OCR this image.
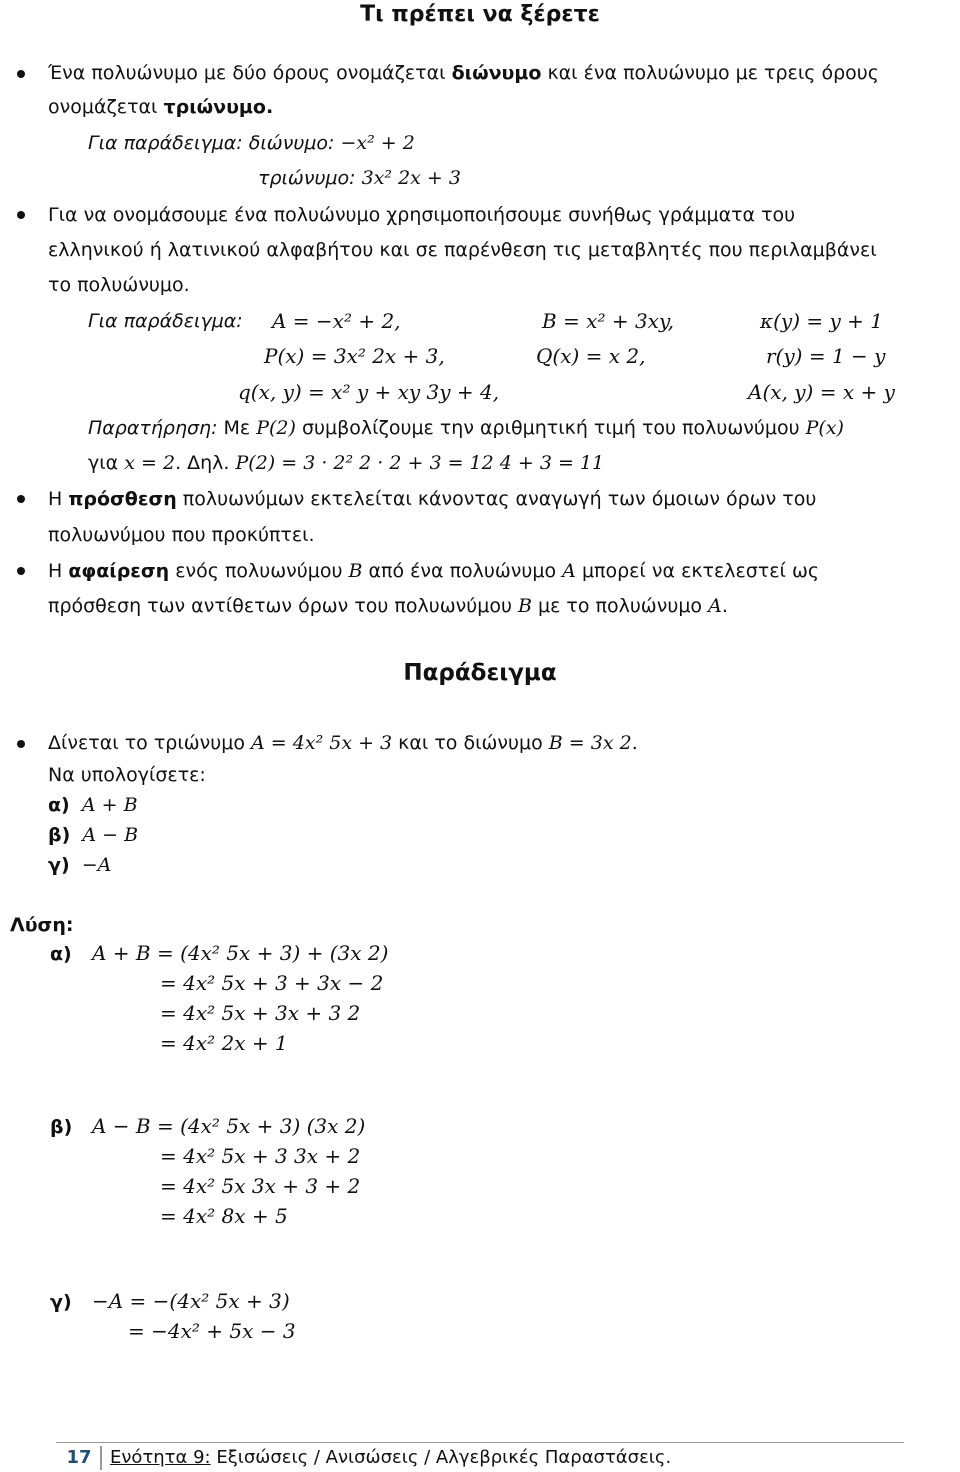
Τι πρέπει να ξέρετε
Ένα πολυώνυμο με δύο όρους ονομάζεται διώνυμο και ένα πολυώνυμο με τρεις όρους
ονομάζεται τριώνυμο.
Για παράδειγμα: διώνυμο: −x² + 2
τριώνυμο: 3x² 2x + 3
Για να ονομάσουμε ένα πολυώνυμο χρησιμοποιήσουμε συνήθως γράμματα του
ελληνικού ή λατινικού αλφαβήτου και σε παρένθεση τις μεταβλητές που περιλαμβάνει
το πολυώνυμο.
Για παράδειγμα: A = −x² + 2,	B = x² + 3xy,	κ(y) = y + 1
P(x) = 3x² 2x + 3,	Q(x) = x 2,	r(y) = 1 − y
q(x, y) = x² y + xy 3y + 4,	A(x, y) = x + y
Παρατήρηση: Με P(2) συμβολίζουμε την αριθμητική τιμή του πολυωνύμου P(x)
για x = 2. Δηλ. P(2) = 3 · 2² 2 · 2 + 3 = 12 4 + 3 = 11
Η πρόσθεση πολυωνύμων εκτελείται κάνοντας αναγωγή των όμοιων όρων του
πολυωνύμου που προκύπτει.
Η αφαίρεση ενός πολυωνύμου B από ένα πολυώνυμο A μπορεί να εκτελεστεί ως
πρόσθεση των αντίθετων όρων του πολυωνύμου B με το πολυώνυμο A.
Παράδειγμα
Δίνεται το τριώνυμο A = 4x² 5x + 3 και το διώνυμο B = 3x 2.
Να υπολογίσετε:
α) A + B
β) A − B
γ) −A
Λύση:
α) A + B = (4x² 5x + 3) + (3x 2)
= 4x² 5x + 3 + 3x − 2
= 4x² 5x + 3x + 3 2
= 4x² 2x + 1
β) A − B = (4x² 5x + 3) (3x 2)
= 4x² 5x + 3 3x + 2
= 4x² 5x 3x + 3 + 2
= 4x² 8x + 5
γ) −A = −(4x² 5x + 3)
= −4x² + 5x − 3
17	Ενότητα 9: Εξισώσεις / Ανισώσεις / Αλγεβρικές Παραστάσεις.
